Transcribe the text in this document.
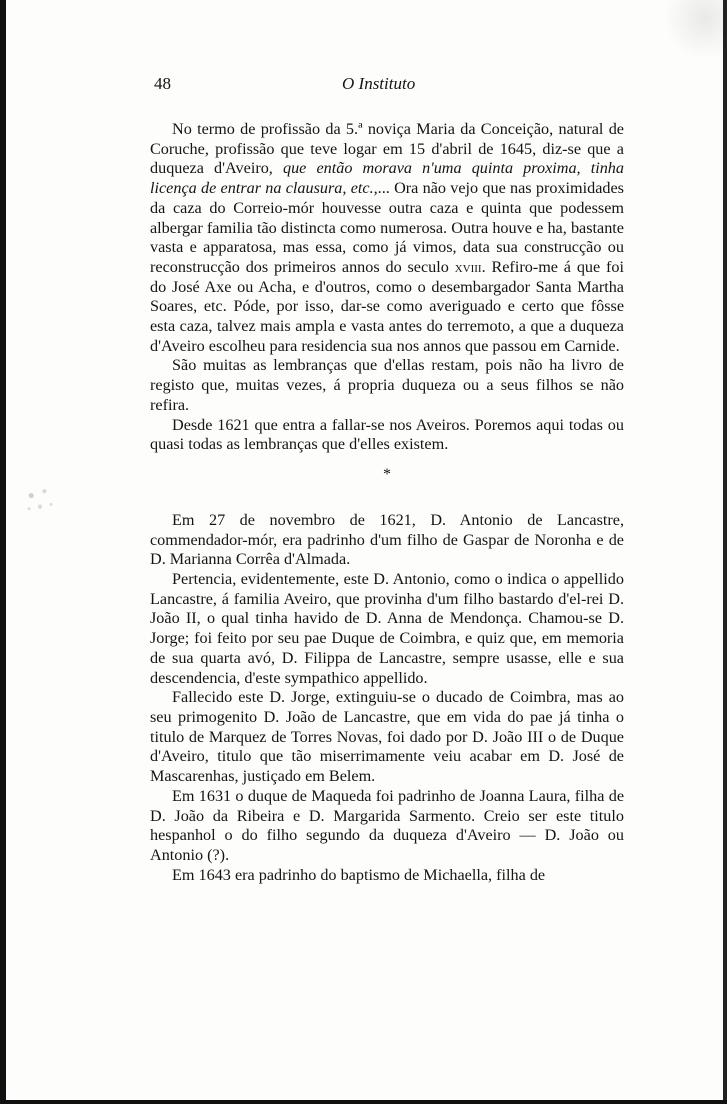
48	O Instituto

No termo de profissão da 5.ª noviça Maria da Conceição, natural de Coruche, profissão que teve logar em 15 d'abril de 1645, diz-se que a duqueza d'Aveiro, que então morava n'uma quinta proxima, tinha licença de entrar na clausura, etc.,... Ora não vejo que nas proximidades da caza do Correio-mór houvesse outra caza e quinta que podessem albergar familia tão distincta como numerosa. Outra houve e ha, bastante vasta e apparatosa, mas essa, como já vimos, data sua construcção ou reconstrucção dos primeiros annos do seculo xviii. Refiro-me á que foi do José Axe ou Acha, e d'outros, como o desembargador Santa Martha Soares, etc. Póde, por isso, dar-se como averiguado e certo que fôsse esta caza, talvez mais ampla e vasta antes do terremoto, a que a duqueza d'Aveiro escolheu para residencia sua nos annos que passou em Carnide.

São muitas as lembranças que d'ellas restam, pois não ha livro de registo que, muitas vezes, á propria duqueza ou a seus filhos se não refira.

Desde 1621 que entra a fallar-se nos Aveiros. Poremos aqui todas ou quasi todas as lembranças que d'elles existem.

*

Em 27 de novembro de 1621, D. Antonio de Lancastre, commendador-mór, era padrinho d'um filho de Gaspar de Noronha e de D. Marianna Corrêa d'Almada.

Pertencia, evidentemente, este D. Antonio, como o indica o appellido Lancastre, á familia Aveiro, que provinha d'um filho bastardo d'el-rei D. João II, o qual tinha havido de D. Anna de Mendonça. Chamou-se D. Jorge; foi feito por seu pae Duque de Coimbra, e quiz que, em memoria de sua quarta avó, D. Filippa de Lancastre, sempre usasse, elle e sua descendencia, d'este sympathico appellido.

Fallecido este D. Jorge, extinguiu-se o ducado de Coimbra, mas ao seu primogenito D. João de Lancastre, que em vida do pae já tinha o titulo de Marquez de Torres Novas, foi dado por D. João III o de Duque d'Aveiro, titulo que tão miserrimamente veiu acabar em D. José de Mascarenhas, justiçado em Belem.

Em 1631 o duque de Maqueda foi padrinho de Joanna Laura, filha de D. João da Ribeira e D. Margarida Sarmento. Creio ser este titulo hespanhol o do filho segundo da duqueza d'Aveiro — D. João ou Antonio (?).

Em 1643 era padrinho do baptismo de Michaella, filha de
